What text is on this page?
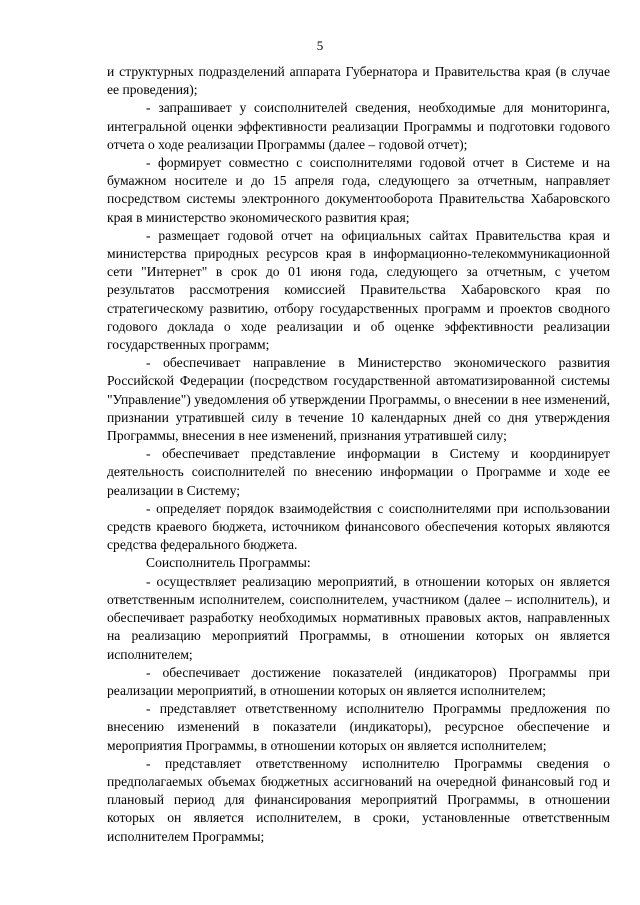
5

и структурных подразделений аппарата Губернатора и Правительства края (в случае ее проведения);

- запрашивает у соисполнителей сведения, необходимые для мониторинга, интегральной оценки эффективности реализации Программы и подготовки годового отчета о ходе реализации Программы (далее – годовой отчет);

- формирует совместно с соисполнителями годовой отчет в Системе и на бумажном носителе и до 15 апреля года, следующего за отчетным, направляет посредством системы электронного документооборота Правительства Хабаровского края в министерство экономического развития края;

- размещает годовой отчет на официальных сайтах Правительства края и министерства природных ресурсов края в информационно-телекоммуникационной сети "Интернет" в срок до 01 июня года, следующего за отчетным, с учетом результатов рассмотрения комиссией Правительства Хабаровского края по стратегическому развитию, отбору государственных программ и проектов сводного годового доклада о ходе реализации и об оценке эффективности реализации государственных программ;

- обеспечивает направление в Министерство экономического развития Российской Федерации (посредством государственной автоматизированной системы "Управление") уведомления об утверждении Программы, о внесении в нее изменений, признании утратившей силу в течение 10 календарных дней со дня утверждения Программы, внесения в нее изменений, признания утратившей силу;

- обеспечивает представление информации в Систему и координирует деятельность соисполнителей по внесению информации о Программе и ходе ее реализации в Систему;

- определяет порядок взаимодействия с соисполнителями при использовании средств краевого бюджета, источником финансового обеспечения которых являются средства федерального бюджета.

Соисполнитель Программы:

- осуществляет реализацию мероприятий, в отношении которых он является ответственным исполнителем, соисполнителем, участником (далее – исполнитель), и обеспечивает разработку необходимых нормативных правовых актов, направленных на реализацию мероприятий Программы, в отношении которых он является исполнителем;

- обеспечивает достижение показателей (индикаторов) Программы при реализации мероприятий, в отношении которых он является исполнителем;

- представляет ответственному исполнителю Программы предложения по внесению изменений в показатели (индикаторы), ресурсное обеспечение и мероприятия Программы, в отношении которых он является исполнителем;

- представляет ответственному исполнителю Программы сведения о предполагаемых объемах бюджетных ассигнований на очередной финансовый год и плановый период для финансирования мероприятий Программы, в отношении которых он является исполнителем, в сроки, установленные ответственным исполнителем Программы;
